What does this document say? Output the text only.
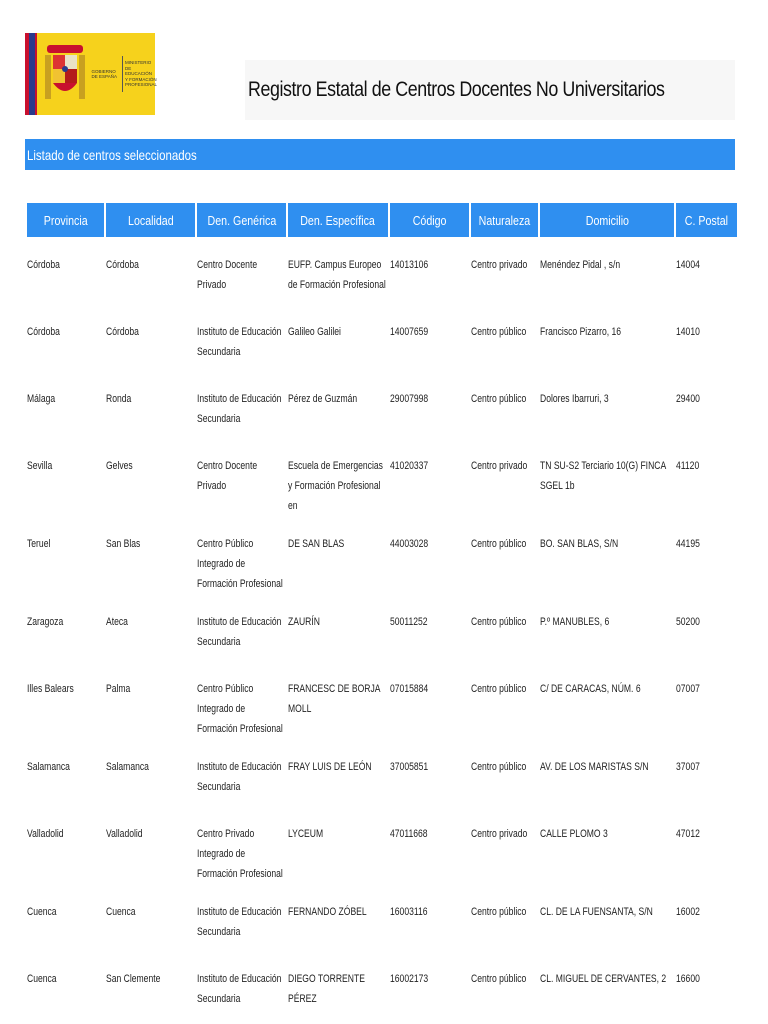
GOBIERNO
DE ESPAÑA
MINISTERIO
DE EDUCACIÓN
Y FORMACIÓN PROFESIONAL	Registro Estatal de Centros Docentes No Universitarios
Listado de centros seleccionados
Provincia	Localidad	Den. Genérica	Den. Específica	Código	Naturaleza	Domicilio	C. Postal

Córdoba	Córdoba	Centro Docente Privado	EUFP. Campus Europeo de Formación Profesional	14013106	Centro privado	Menéndez Pidal , s/n	14004

Córdoba	Córdoba	Instituto de Educación Secundaria	Galileo Galilei	14007659	Centro público	Francisco Pizarro, 16	14010

Málaga	Ronda	Instituto de Educación Secundaria	Pérez de Guzmán	29007998	Centro público	Dolores Ibarruri, 3	29400

Sevilla	Gelves	Centro Docente Privado	Escuela de Emergencias y Formación Profesional en	41020337	Centro privado	TN SU-S2 Terciario 10(G) FINCA SGEL 1b	41120

Teruel	San Blas	Centro Público Integrado de Formación Profesional	DE SAN BLAS	44003028	Centro público	BO. SAN BLAS, S/N	44195

Zaragoza	Ateca	Instituto de Educación Secundaria	ZAURÍN	50011252	Centro público	P.º MANUBLES, 6	50200

Illes Balears	Palma	Centro Público Integrado de Formación Profesional	FRANCESC DE BORJA MOLL	07015884	Centro público	C/ DE CARACAS, NÚM. 6	07007

Salamanca	Salamanca	Instituto de Educación Secundaria	FRAY LUIS DE LEÓN	37005851	Centro público	AV. DE LOS MARISTAS S/N	37007

Valladolid	Valladolid	Centro Privado Integrado de Formación Profesional	LYCEUM	47011668	Centro privado	CALLE PLOMO 3	47012

Cuenca	Cuenca	Instituto de Educación Secundaria	FERNANDO ZÓBEL	16003116	Centro público	CL. DE LA FUENSANTA, S/N	16002

Cuenca	San Clemente	Instituto de Educación Secundaria	DIEGO TORRENTE PÉREZ	16002173	Centro público	CL. MIGUEL DE CERVANTES, 2	16600
